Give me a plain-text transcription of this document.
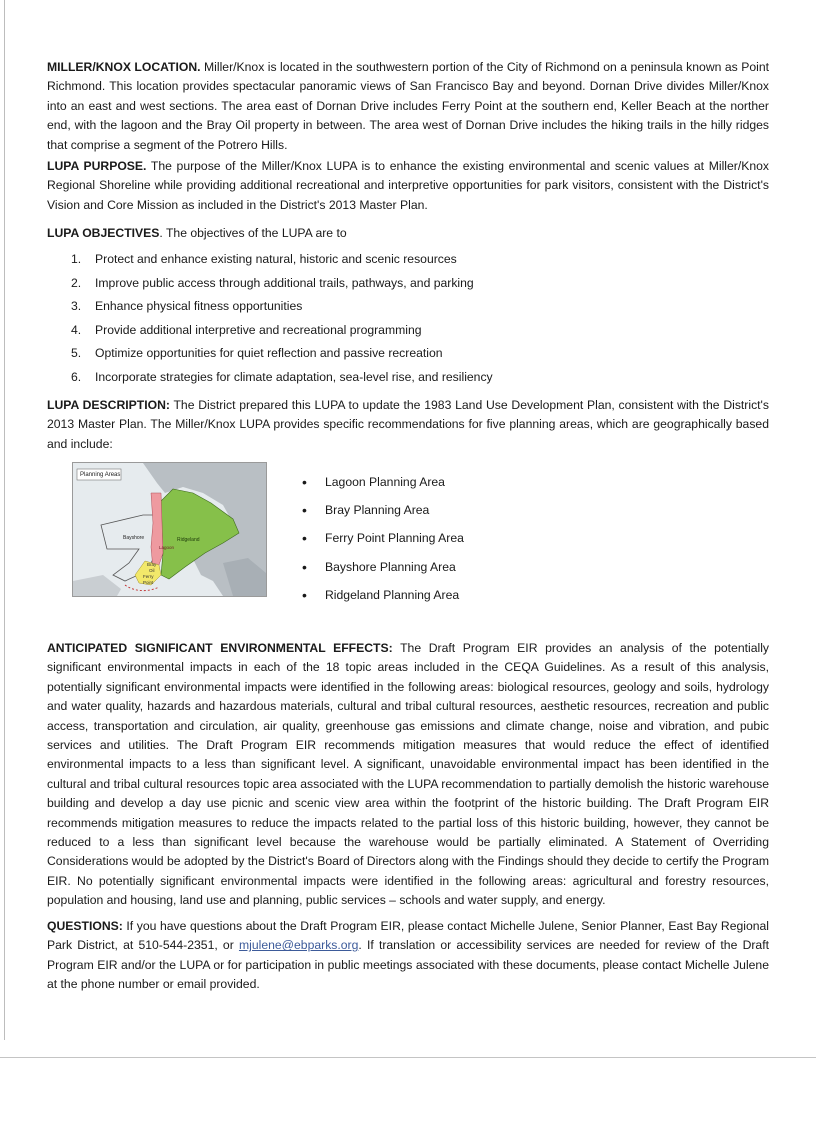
MILLER/KNOX LOCATION. Miller/Knox is located in the southwestern portion of the City of Richmond on a peninsula known as Point Richmond. This location provides spectacular panoramic views of San Francisco Bay and beyond. Dornan Drive divides Miller/Knox into an east and west sections. The area east of Dornan Drive includes Ferry Point at the southern end, Keller Beach at the norther end, with the lagoon and the Bray Oil property in between. The area west of Dornan Drive includes the hiking trails in the hilly ridges that comprise a segment of the Potrero Hills.

LUPA PURPOSE. The purpose of the Miller/Knox LUPA is to enhance the existing environmental and scenic values at Miller/Knox Regional Shoreline while providing additional recreational and interpretive opportunities for park visitors, consistent with the District's Vision and Core Mission as included in the District's 2013 Master Plan.

LUPA OBJECTIVES. The objectives of the LUPA are to

1. Protect and enhance existing natural, historic and scenic resources
2. Improve public access through additional trails, pathways, and parking
3. Enhance physical fitness opportunities
4. Provide additional interpretive and recreational programming
5. Optimize opportunities for quiet reflection and passive recreation
6. Incorporate strategies for climate adaptation, sea-level rise, and resiliency

LUPA DESCRIPTION: The District prepared this LUPA to update the 1983 Land Use Development Plan, consistent with the District's 2013 Master Plan. The Miller/Knox LUPA provides specific recommendations for five planning areas, which are geographically based and include:

Planning Areas
Bayshore	Ridgeland
Lagoon
Bray
Oil
Ferry
Point
• Lagoon Planning Area
• Bray Planning Area
• Ferry Point Planning Area
• Bayshore Planning Area
• Ridgeland Planning Area

ANTICIPATED SIGNIFICANT ENVIRONMENTAL EFFECTS: The Draft Program EIR provides an analysis of the potentially significant environmental impacts in each of the 18 topic areas included in the CEQA Guidelines. As a result of this analysis, potentially significant environmental impacts were identified in the following areas: biological resources, geology and soils, hydrology and water quality, hazards and hazardous materials, cultural and tribal cultural resources, aesthetic resources, recreation and public access, transportation and circulation, air quality, greenhouse gas emissions and climate change, noise and vibration, and pubic services and utilities. The Draft Program EIR recommends mitigation measures that would reduce the effect of identified environmental impacts to a less than significant level. A significant, unavoidable environmental impact has been identified in the cultural and tribal cultural resources topic area associated with the LUPA recommendation to partially demolish the historic warehouse building and develop a day use picnic and scenic view area within the footprint of the historic building. The Draft Program EIR recommends mitigation measures to reduce the impacts related to the partial loss of this historic building, however, they cannot be reduced to a less than significant level because the warehouse would be partially eliminated. A Statement of Overriding Considerations would be adopted by the District's Board of Directors along with the Findings should they decide to certify the Program EIR. No potentially significant environmental impacts were identified in the following areas: agricultural and forestry resources, population and housing, land use and planning, public services – schools and water supply, and energy.

QUESTIONS: If you have questions about the Draft Program EIR, please contact Michelle Julene, Senior Planner, East Bay Regional Park District, at 510-544-2351, or mjulene@ebparks.org. If translation or accessibility services are needed for review of the Draft Program EIR and/or the LUPA or for participation in public meetings associated with these documents, please contact Michelle Julene at the phone number or email provided.
